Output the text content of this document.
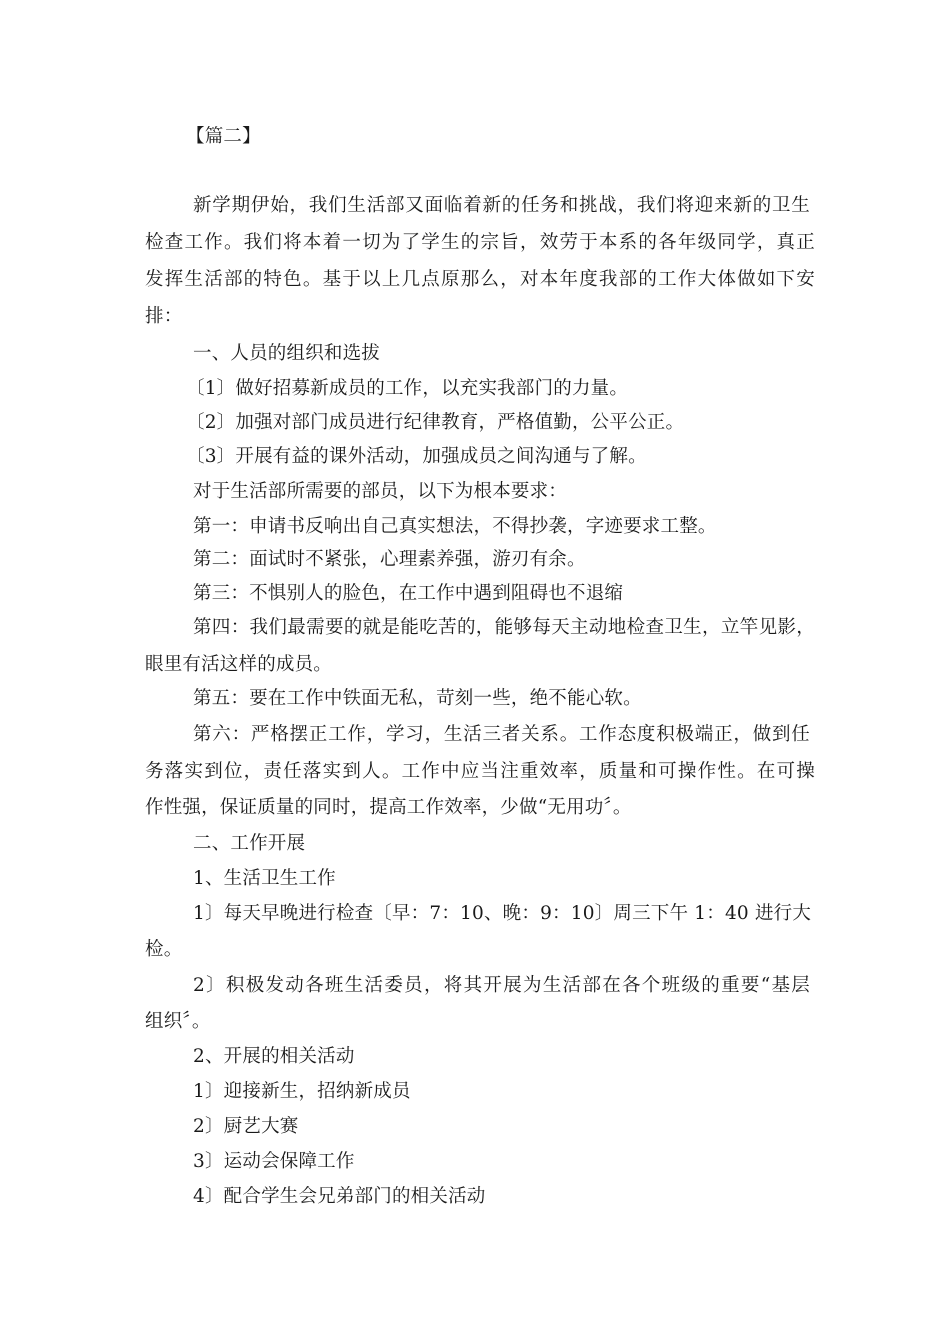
【篇二】

新学期伊始，我们生活部又面临着新的任务和挑战，我们将迎来新的卫生

检查工作。我们将本着一切为了学生的宗旨，效劳于本系的各年级同学，真正

发挥生活部的特色。基于以上几点原那么，对本年度我部的工作大体做如下安

排：

一、人员的组织和选拔

〔1〕做好招募新成员的工作，以充实我部门的力量。

〔2〕加强对部门成员进行纪律教育，严格值勤，公平公正。

〔3〕开展有益的课外活动，加强成员之间沟通与了解。

对于生活部所需要的部员，以下为根本要求：

第一：申请书反响出自己真实想法，不得抄袭，字迹要求工整。

第二：面试时不紧张，心理素养强，游刃有余。

第三：不惧别人的脸色，在工作中遇到阻碍也不退缩

第四：我们最需要的就是能吃苦的，能够每天主动地检查卫生，立竿见影，

眼里有活这样的成员。

第五：要在工作中铁面无私，苛刻一些，绝不能心软。

第六：严格摆正工作，学习，生活三者关系。工作态度积极端正，做到任

务落实到位，责任落实到人。工作中应当注重效率，质量和可操作性。在可操

作性强，保证质量的同时，提高工作效率，少做“无用功〞。

二、工作开展

1、生活卫生工作

1〕每天早晚进行检查〔早：7：10、晚：9：10〕周三下午 1：40 进行大

检。

2〕积极发动各班生活委员，将其开展为生活部在各个班级的重要“基层

组织〞。

2、开展的相关活动

1〕迎接新生，招纳新成员

2〕厨艺大赛

3〕运动会保障工作

4〕配合学生会兄弟部门的相关活动
